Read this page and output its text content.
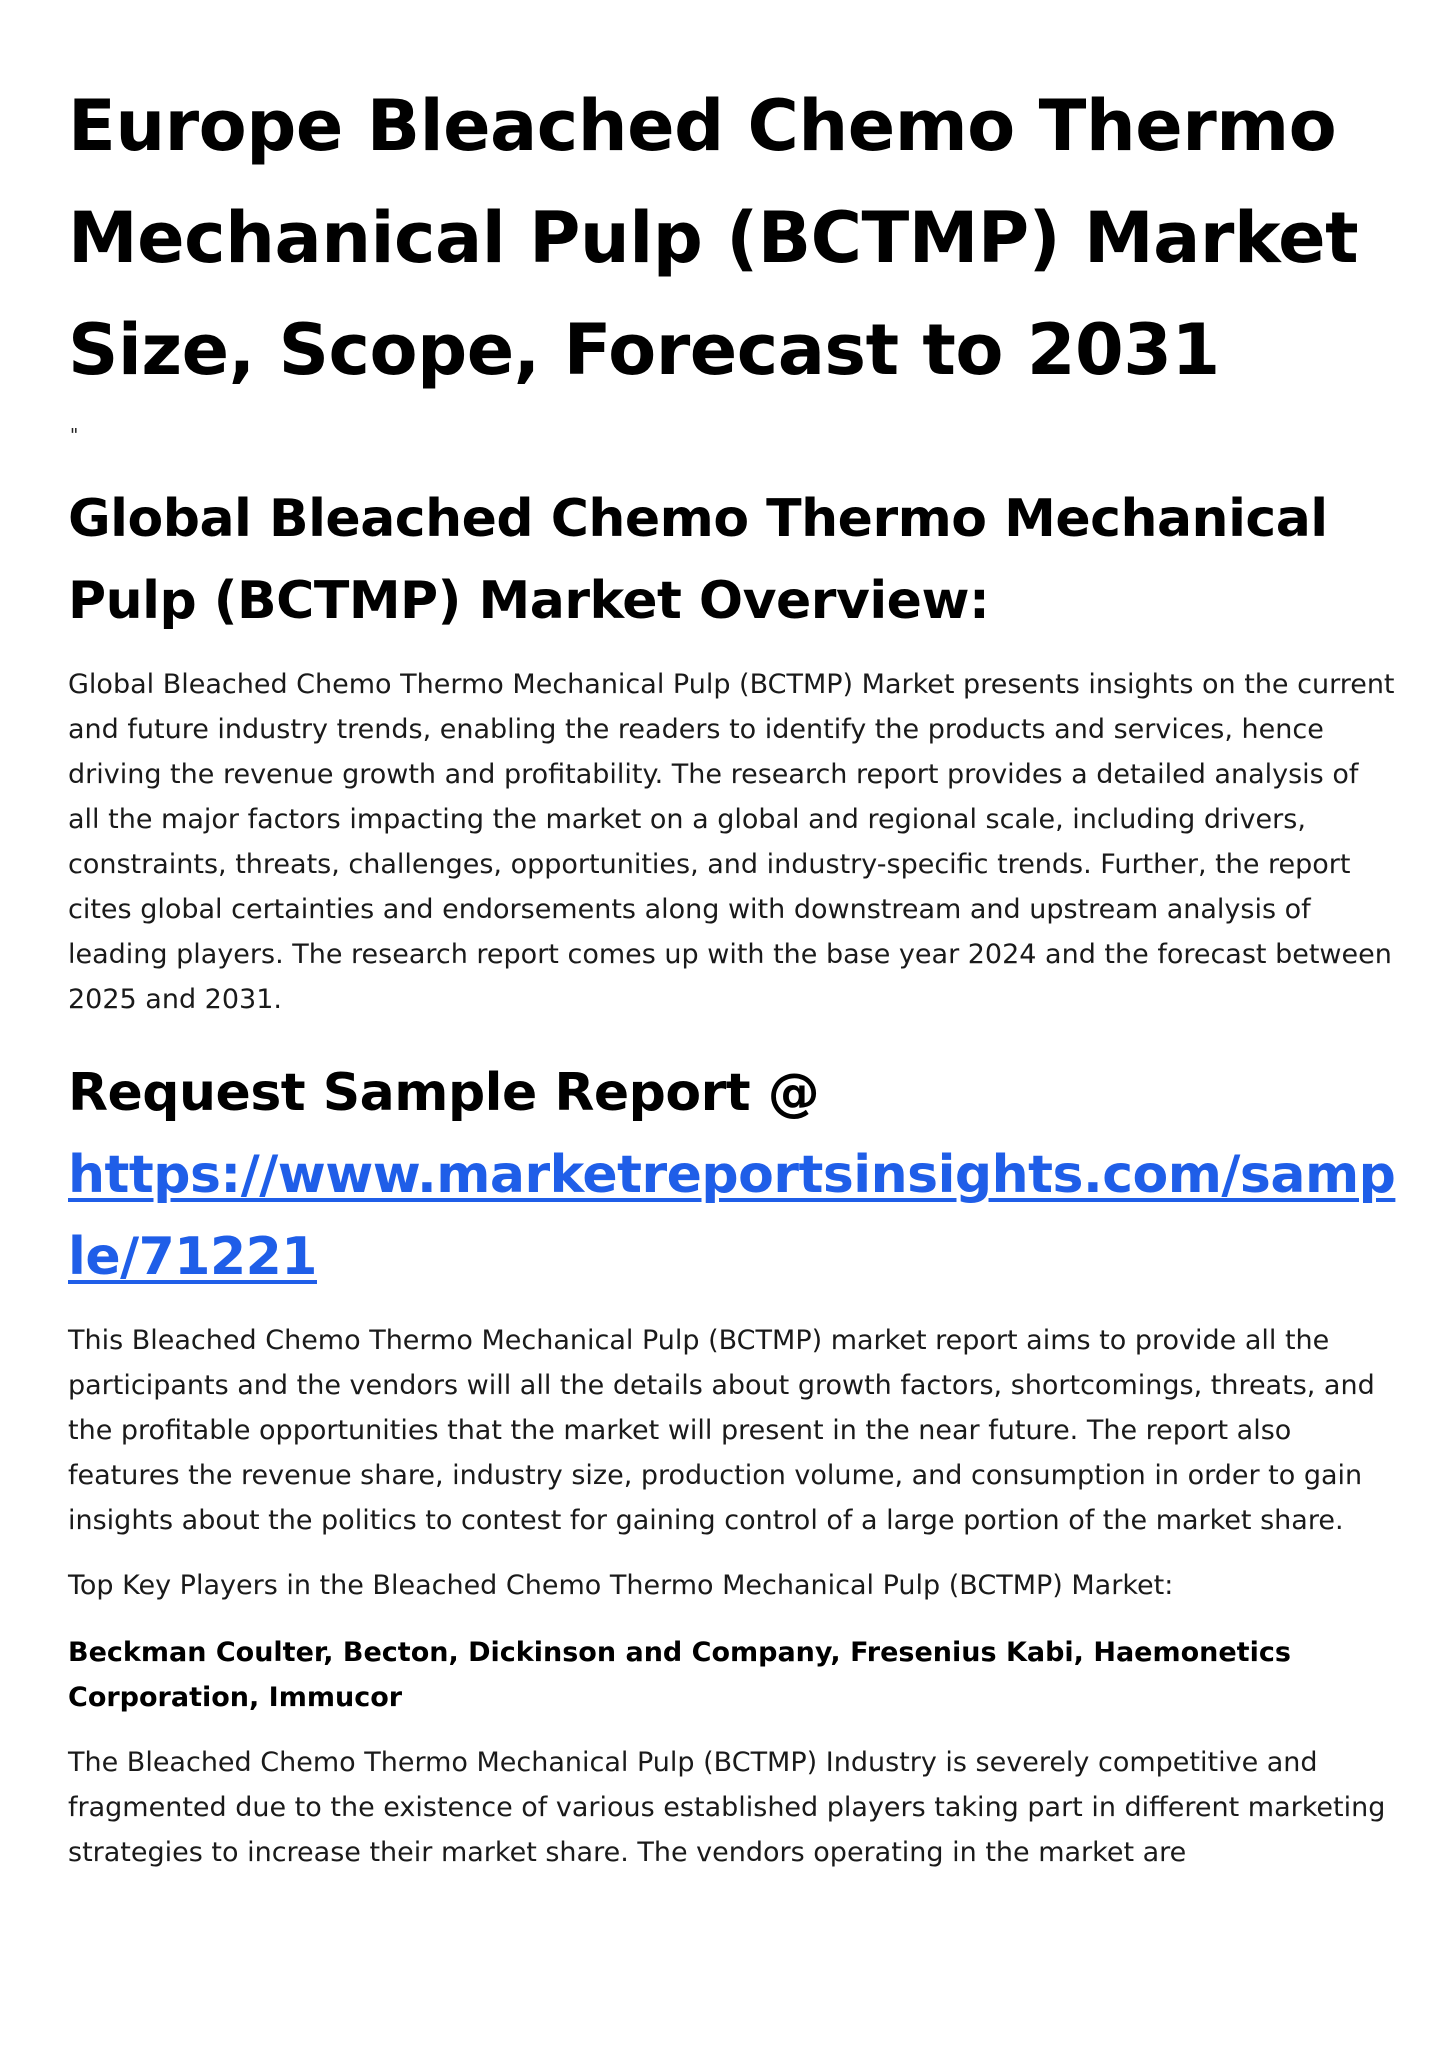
Europe Bleached Chemo Thermo Mechanical Pulp (BCTMP) Market Size, Scope, Forecast to 2031
"
Global Bleached Chemo Thermo Mechanical Pulp (BCTMP) Market Overview:

Global Bleached Chemo Thermo Mechanical Pulp (BCTMP) Market presents insights on the current and future industry trends, enabling the readers to identify the products and services, hence driving the revenue growth and profitability. The research report provides a detailed analysis of all the major factors impacting the market on a global and regional scale, including drivers, constraints, threats, challenges, opportunities, and industry-specific trends. Further, the report cites global certainties and endorsements along with downstream and upstream analysis of leading players. The research report comes up with the base year 2024 and the forecast between 2025 and 2031.

Request Sample Report @
https://www.marketreportsinsights.com/sample/71221

This Bleached Chemo Thermo Mechanical Pulp (BCTMP) market report aims to provide all the participants and the vendors will all the details about growth factors, shortcomings, threats, and the profitable opportunities that the market will present in the near future. The report also features the revenue share, industry size, production volume, and consumption in order to gain insights about the politics to contest for gaining control of a large portion of the market share.

Top Key Players in the Bleached Chemo Thermo Mechanical Pulp (BCTMP) Market:

Beckman Coulter, Becton, Dickinson and Company, Fresenius Kabi, Haemonetics Corporation, Immucor

The Bleached Chemo Thermo Mechanical Pulp (BCTMP) Industry is severely competitive and fragmented due to the existence of various established players taking part in different marketing strategies to increase their market share. The vendors operating in the market are
